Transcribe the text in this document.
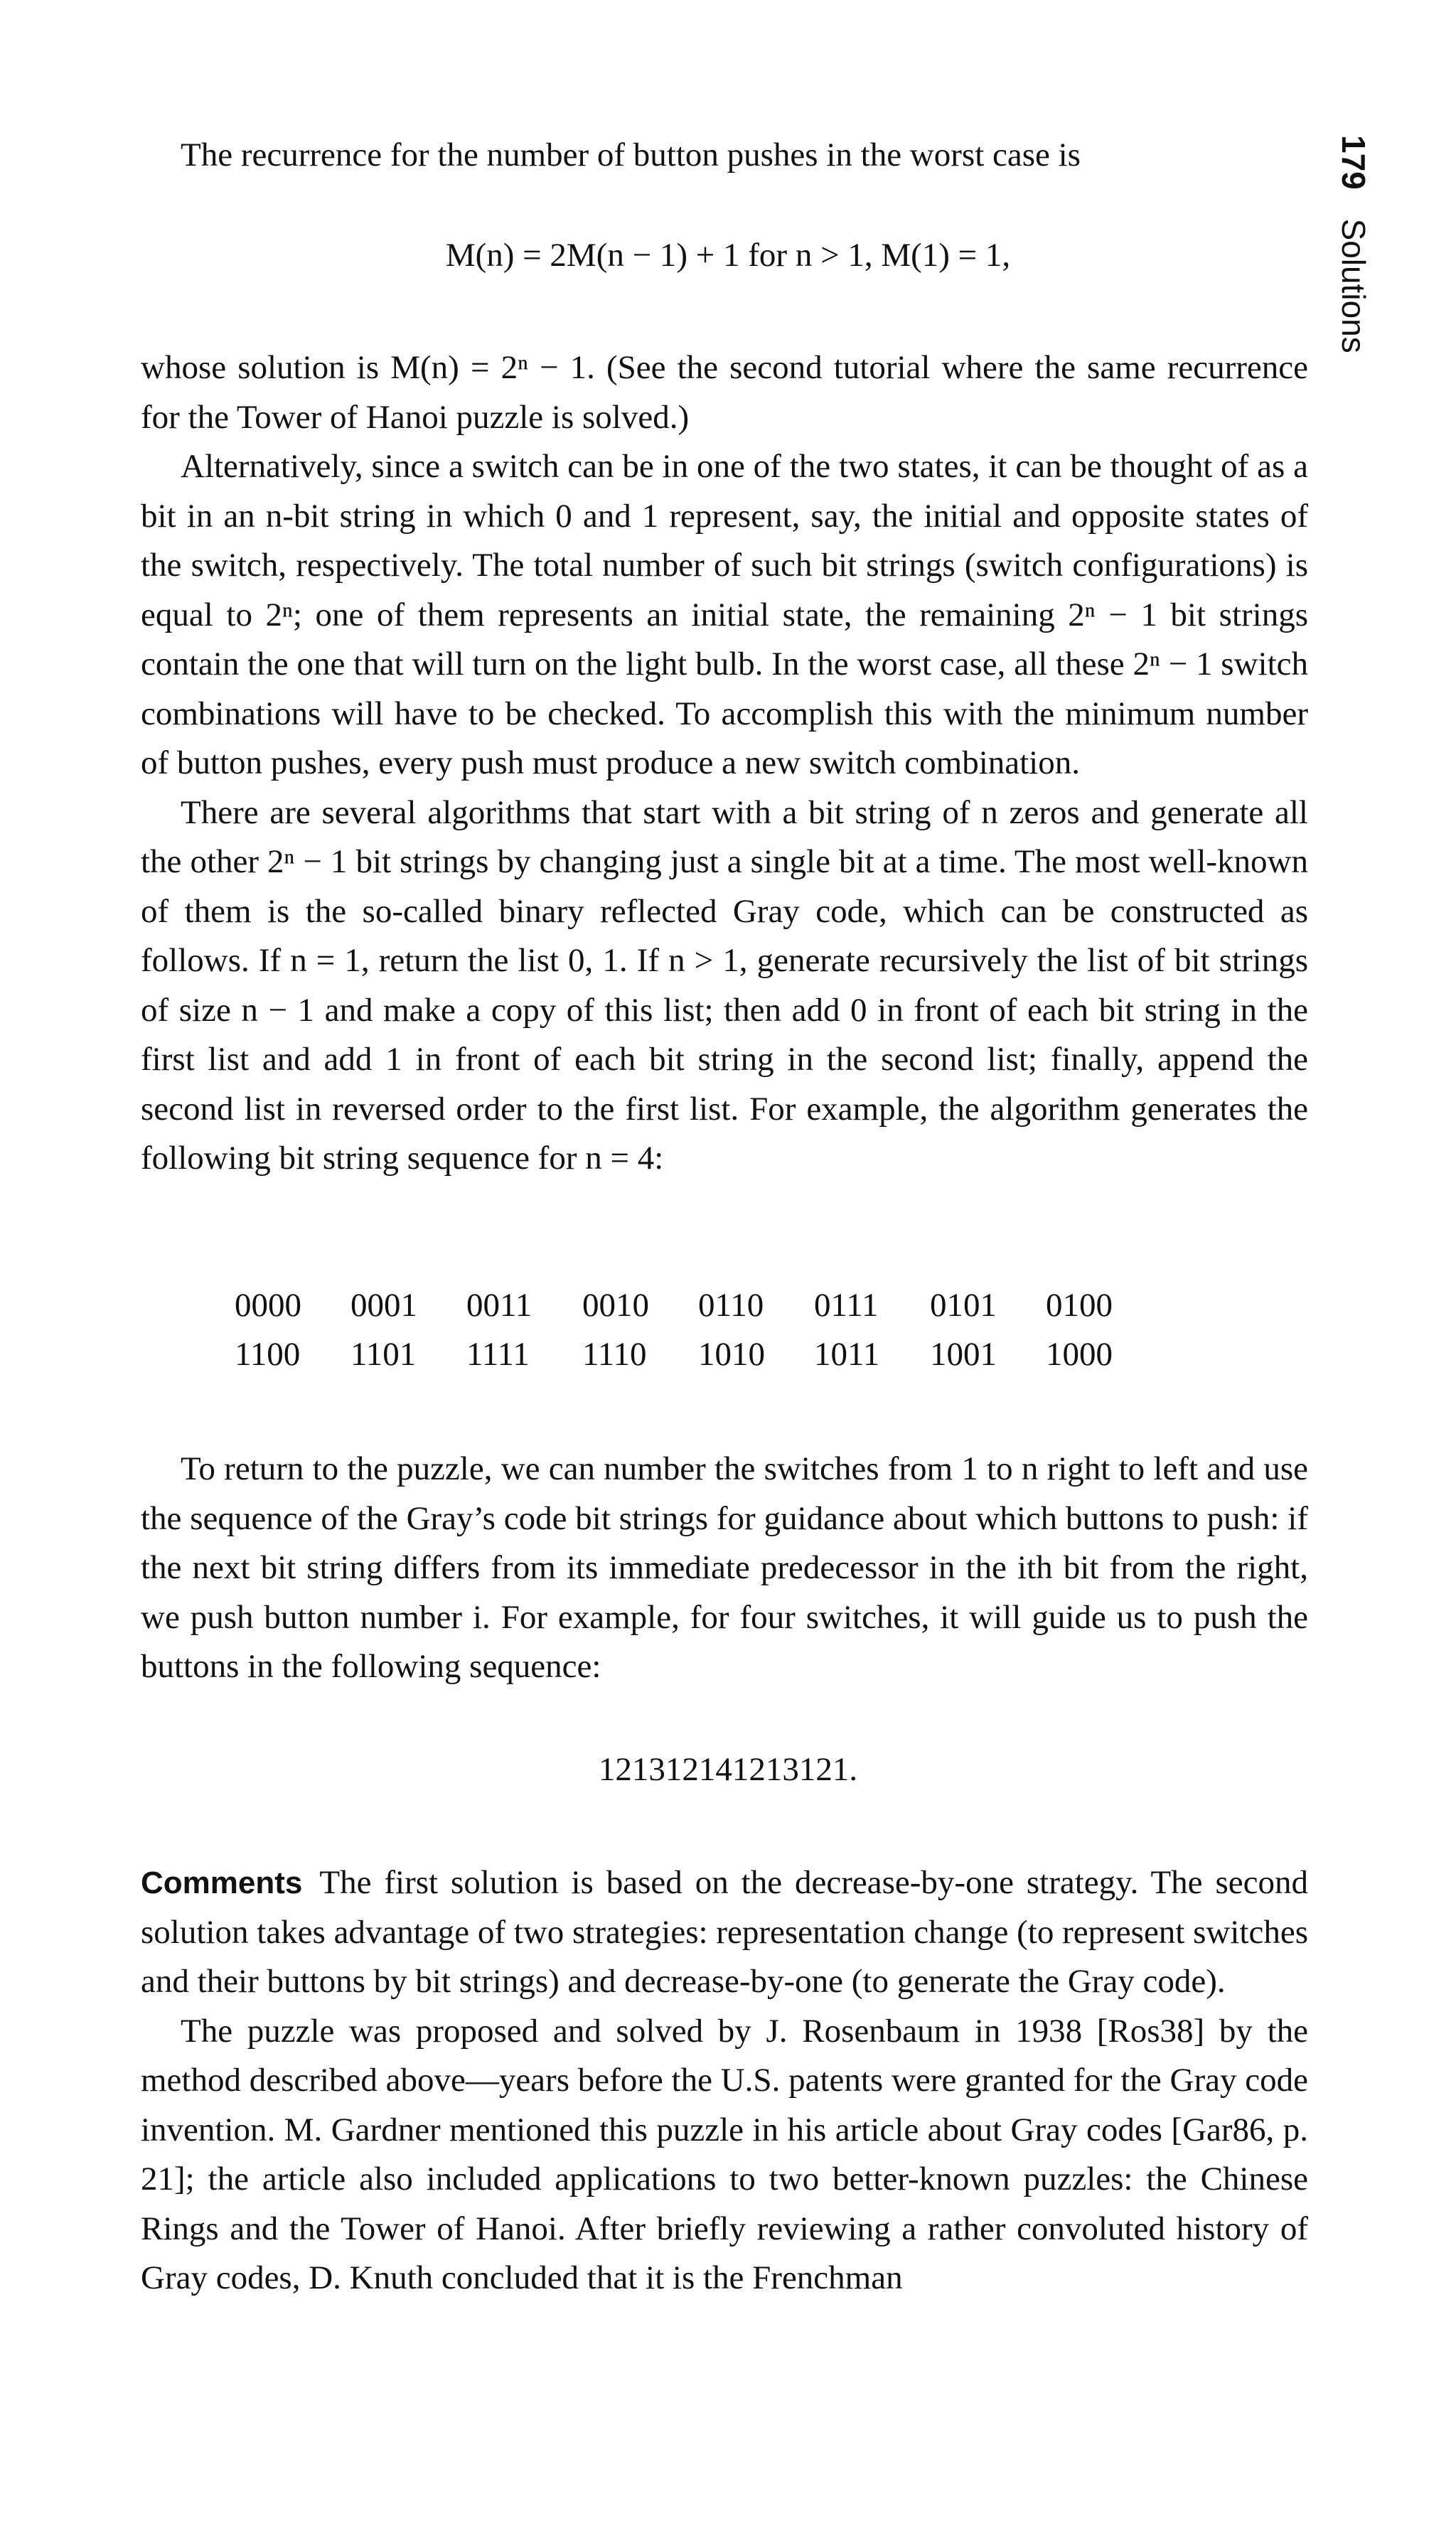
179 Solutions
The recurrence for the number of button pushes in the worst case is
M(n) = 2M(n − 1) + 1 for n > 1, M(1) = 1,

whose solution is M(n) = 2ⁿ − 1. (See the second tutorial where the same recurrence for the Tower of Hanoi puzzle is solved.)

Alternatively, since a switch can be in one of the two states, it can be thought of as a bit in an n-bit string in which 0 and 1 represent, say, the initial and opposite states of the switch, respectively. The total number of such bit strings (switch configurations) is equal to 2ⁿ; one of them represents an initial state, the remaining 2ⁿ − 1 bit strings contain the one that will turn on the light bulb. In the worst case, all these 2ⁿ − 1 switch combinations will have to be checked. To accomplish this with the minimum number of button pushes, every push must produce a new switch combination.

There are several algorithms that start with a bit string of n zeros and generate all the other 2ⁿ − 1 bit strings by changing just a single bit at a time. The most well-known of them is the so-called binary reflected Gray code, which can be constructed as follows. If n = 1, return the list 0, 1. If n > 1, generate recursively the list of bit strings of size n − 1 and make a copy of this list; then add 0 in front of each bit string in the first list and add 1 in front of each bit string in the second list; finally, append the second list in reversed order to the first list. For example, the algorithm generates the following bit string sequence for n = 4:

0000	0001	0011	0010	0110	0111	0101	0100
1100	1101	1111	1110	1010	1011	1001	1000

To return to the puzzle, we can number the switches from 1 to n right to left and use the sequence of the Gray’s code bit strings for guidance about which buttons to push: if the next bit string differs from its immediate predecessor in the ith bit from the right, we push button number i. For example, for four switches, it will guide us to push the buttons in the following sequence:

121312141213121.

Comments The first solution is based on the decrease-by-one strategy. The second solution takes advantage of two strategies: representation change (to represent switches and their buttons by bit strings) and decrease-by-one (to generate the Gray code).

The puzzle was proposed and solved by J. Rosenbaum in 1938 [Ros38] by the method described above—years before the U.S. patents were granted for the Gray code invention. M. Gardner mentioned this puzzle in his article about Gray codes [Gar86, p. 21]; the article also included applications to two better-known puzzles: the Chinese Rings and the Tower of Hanoi. After briefly reviewing a rather convoluted history of Gray codes, D. Knuth concluded that it is the Frenchman
